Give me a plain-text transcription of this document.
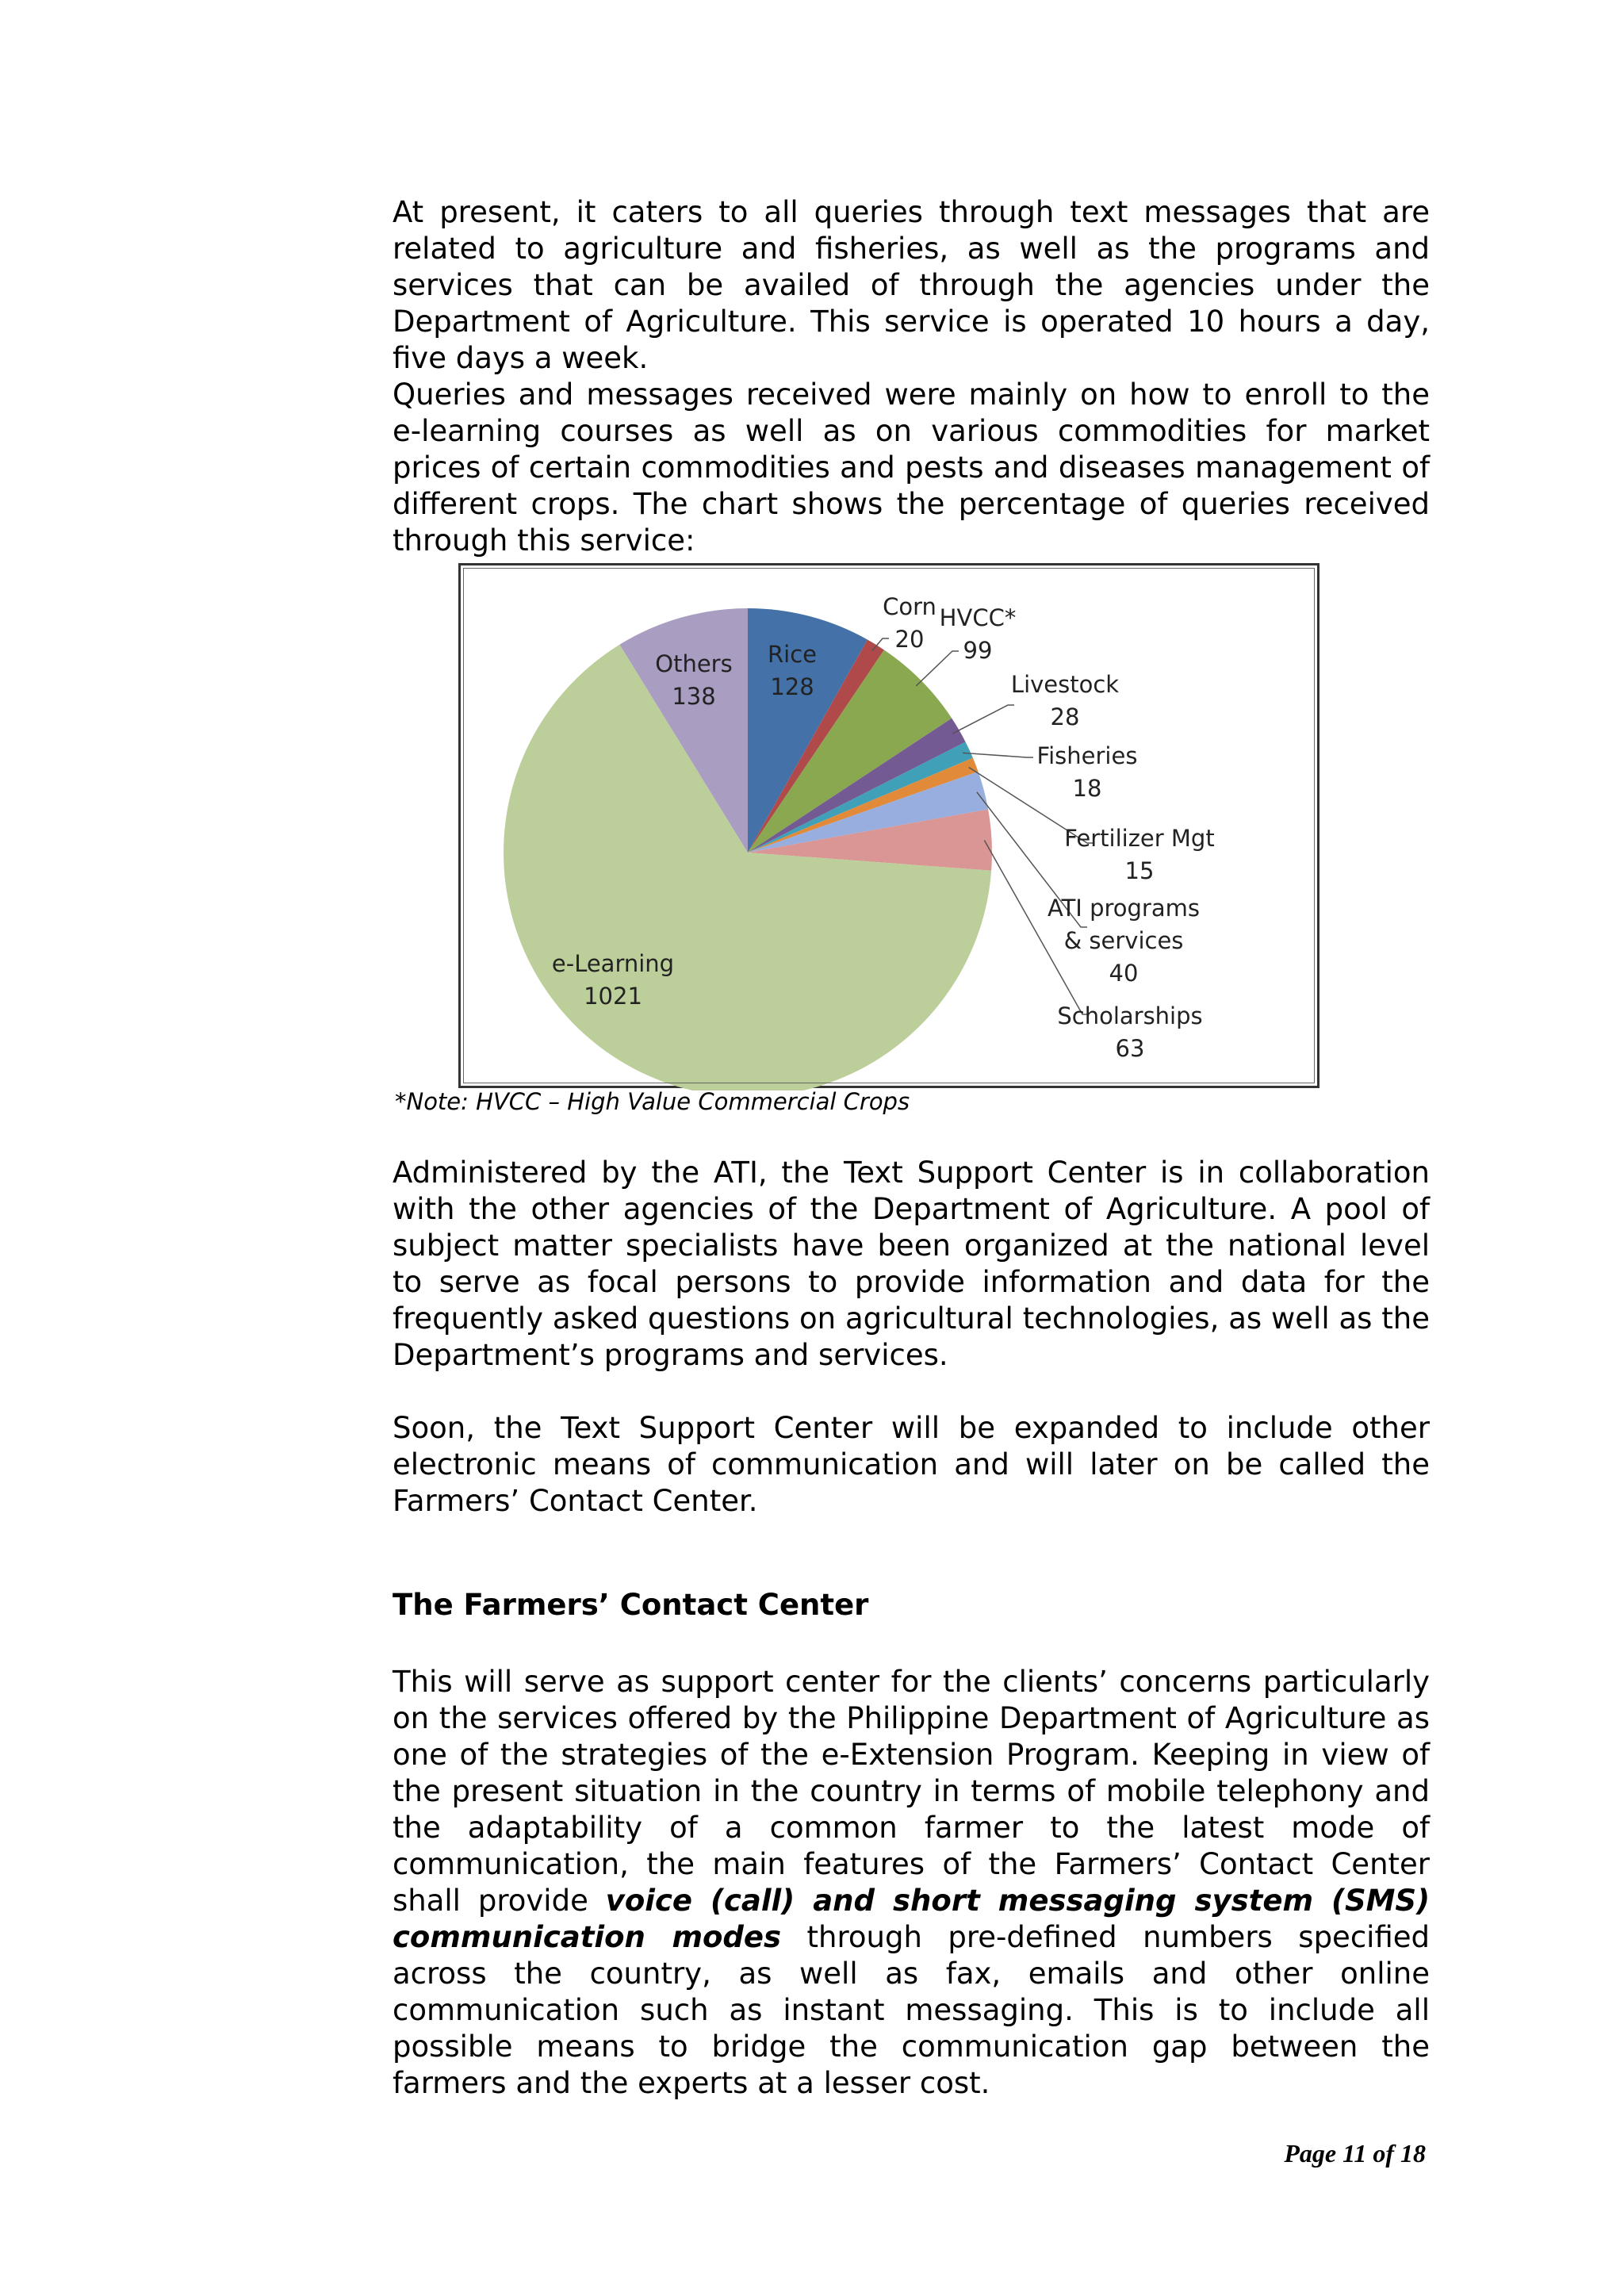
At present, it caters to all queries through text messages that are related to agriculture and fisheries, as well as the programs and services that can be availed of through the agencies under the Department of Agriculture. This service is operated 10 hours a day, five days a week.

Queries and messages received were mainly on how to enroll to the e-learning courses as well as on various commodities for market prices of certain commodities and pests and diseases management of different crops. The chart shows the percentage of queries received through this service:

Rice 128
Corn 20
HVCC* 99
Livestock 28
Fisheries 18
Fertilizer Mgt 15
ATI programs & services 40
Scholarships 63
e-Learning 1021
Others 138

*Note: HVCC – High Value Commercial Crops

Administered by the ATI, the Text Support Center is in collaboration with the other agencies of the Department of Agriculture. A pool of subject matter specialists have been organized at the national level to serve as focal persons to provide information and data for the frequently asked questions on agricultural technologies, as well as the Department’s programs and services.

Soon, the Text Support Center will be expanded to include other electronic means of communication and will later on be called the Farmers’ Contact Center.

The Farmers’ Contact Center

This will serve as support center for the clients’ concerns particularly on the services offered by the Philippine Department of Agriculture as one of the strategies of the e-Extension Program. Keeping in view of the present situation in the country in terms of mobile telephony and the adaptability of a common farmer to the latest mode of communication, the main features of the Farmers’ Contact Center shall provide voice (call) and short messaging system (SMS) communication modes through pre-defined numbers specified across the country, as well as fax, emails and other online communication such as instant messaging. This is to include all possible means to bridge the communication gap between the farmers and the experts at a lesser cost.

Page 11 of 18
